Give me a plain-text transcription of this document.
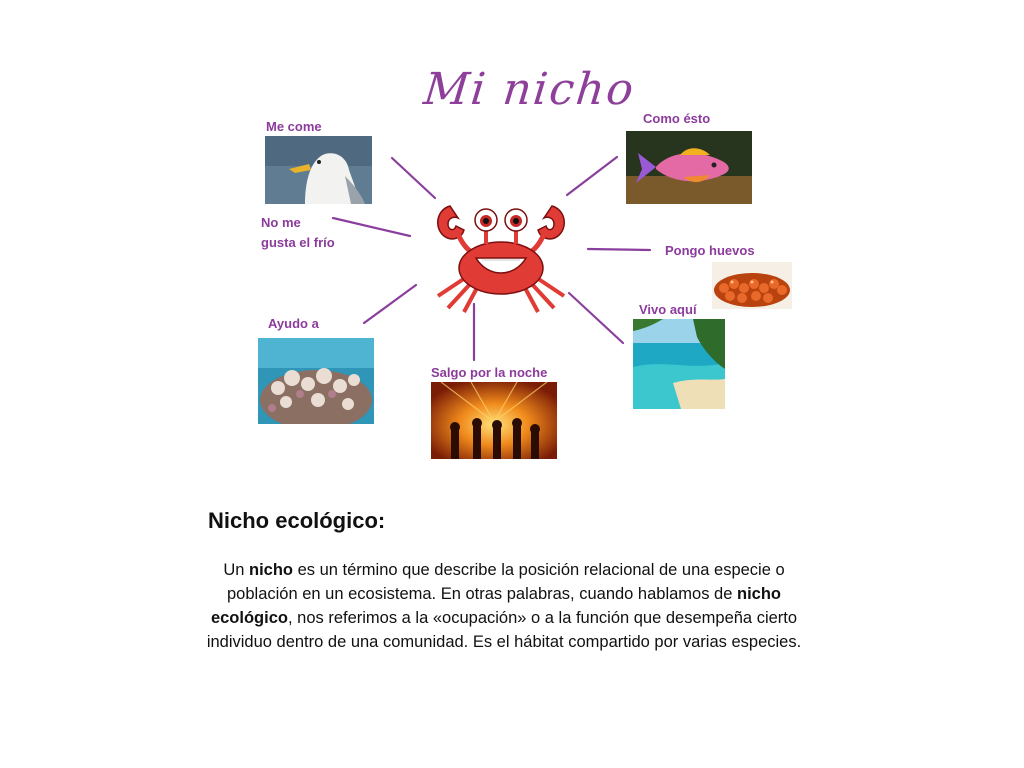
Mi nicho
Me come
No me
gusta el frío
Ayudo a
Salgo por la noche
Como ésto
Pongo huevos
Vivo aquí
Nicho ecológico:
Un nicho es un término que describe la posición relacional de una especie o población en un ecosistema. En otras palabras, cuando hablamos de nicho ecológico, nos referimos a la «ocupación» o a la función que desempeña cierto individuo dentro de una comunidad. Es el hábitat compartido por varias especies.
